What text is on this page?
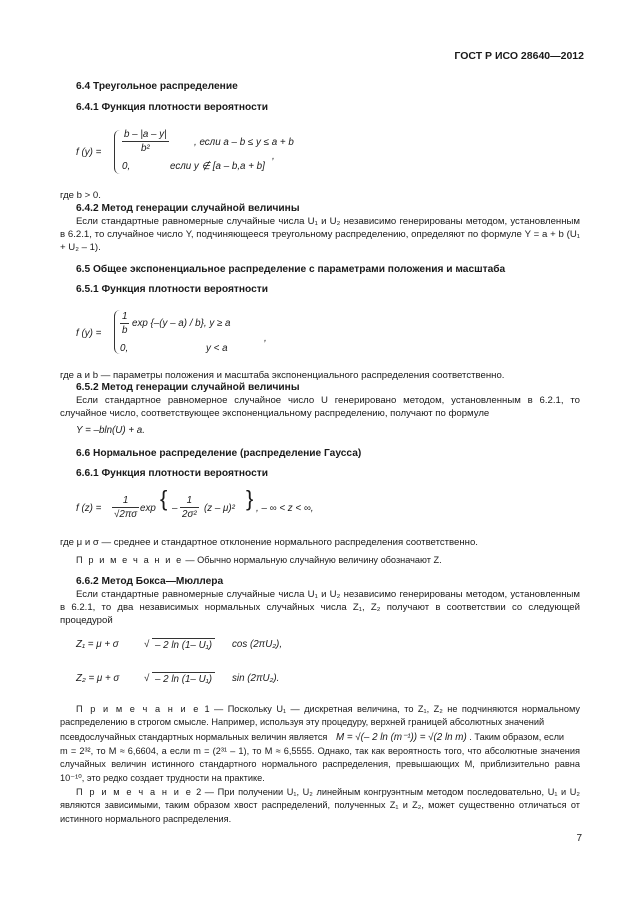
ГОСТ Р ИСО 28640—2012
6.4 Треугольное распределение
6.4.1 Функция плотности вероятности
f $(y) = \frac{b - |a - y|}{\text{b²}}$	, если a – b ≤ y ≤ a + b
0,	если y ∉ [a – b,a + b]
,
где b > 0.
6.4.2 Метод генерации случайной величины
Если стандартные равномерные случайные числа U₁ и U₂ независимо генерированы методом, установленным в 6.2.1, то случайное число Y, подчиняющееся треугольному распределению, определяют по формуле Y = a + b (U₁ + U₂ – 1).
6.5 Общее экспоненциальное распределение с параметрами положения и масштаба
6.5.1 Функция плотности вероятности
f $(y) = \frac{1}{b}$ exp {–(y – a) / b}, y ≥ a
0,	y < a
,
где a и b — параметры положения и масштаба экспоненциального распределения соответственно.
6.5.2 Метод генерации случайной величины
Если стандартное равномерное случайное число U генерировано методом, установленным в 6.2.1, то случайное число, соответствующее экспоненциальному распределению, получают по формуле
Y = –bln(U) + a.
6.6 Нормальное распределение (распределение Гаусса)
6.6.1 Функция плотности вероятности
f $(z) = \frac{1}{√2\pi\sigma}$ exp { – $\frac{1}{\text{2σ²}} (z - \mu)^2$ } , – ∞ < z < ∞,
где μ и σ — среднее и стандартное отклонение нормального распределения соответственно.
П р и м е ч а н и е — Обычно нормальную случайную величину обозначают Z.
6.6.2 Метод Бокса—Мюллера
Если стандартные равномерные случайные числа U₁ и U₂ независимо генерированы методом, установленным в 6.2.1, то два независимых нормальных случайных числа Z₁, Z₂ получают в соответствии со следующей процедурой
Z₁ = μ + σ	√ – 2 ln (1– U₁)	cos (2πU₂),
Z₂ = μ + σ	√ – 2 ln (1– U₁)	sin (2πU₂).
П р и м е ч а н и е 1 — Поскольку U₁ — дискретная величина, то Z₁, Z₂ не подчиняются нормальному распределению в строгом смысле. Например, используя эту процедуру, верхней границей абсолютных значений
псевдослучайных стандартных нормальных величин является M = √(– 2 ln (m⁻¹)) = √(2 ln m) . Таким образом, если
m = 2³², то M ≈ 6,6604, а если m = (2³¹ – 1), то M ≈ 6,5555. Однако, так как вероятность того, что абсолютные значения случайных величин истинного стандартного нормального распределения, превышающих M, приблизительно равна 10⁻¹⁰, это редко создает трудности на практике.
П р и м е ч а н и е 2 — При получении U₁, U₂ линейным конгруэнтным методом последовательно, U₁ и U₂ являются зависимыми, таким образом хвост распределений, полученных Z₁ и Z₂, может существенно отличаться от истинного нормального распределения.
7
